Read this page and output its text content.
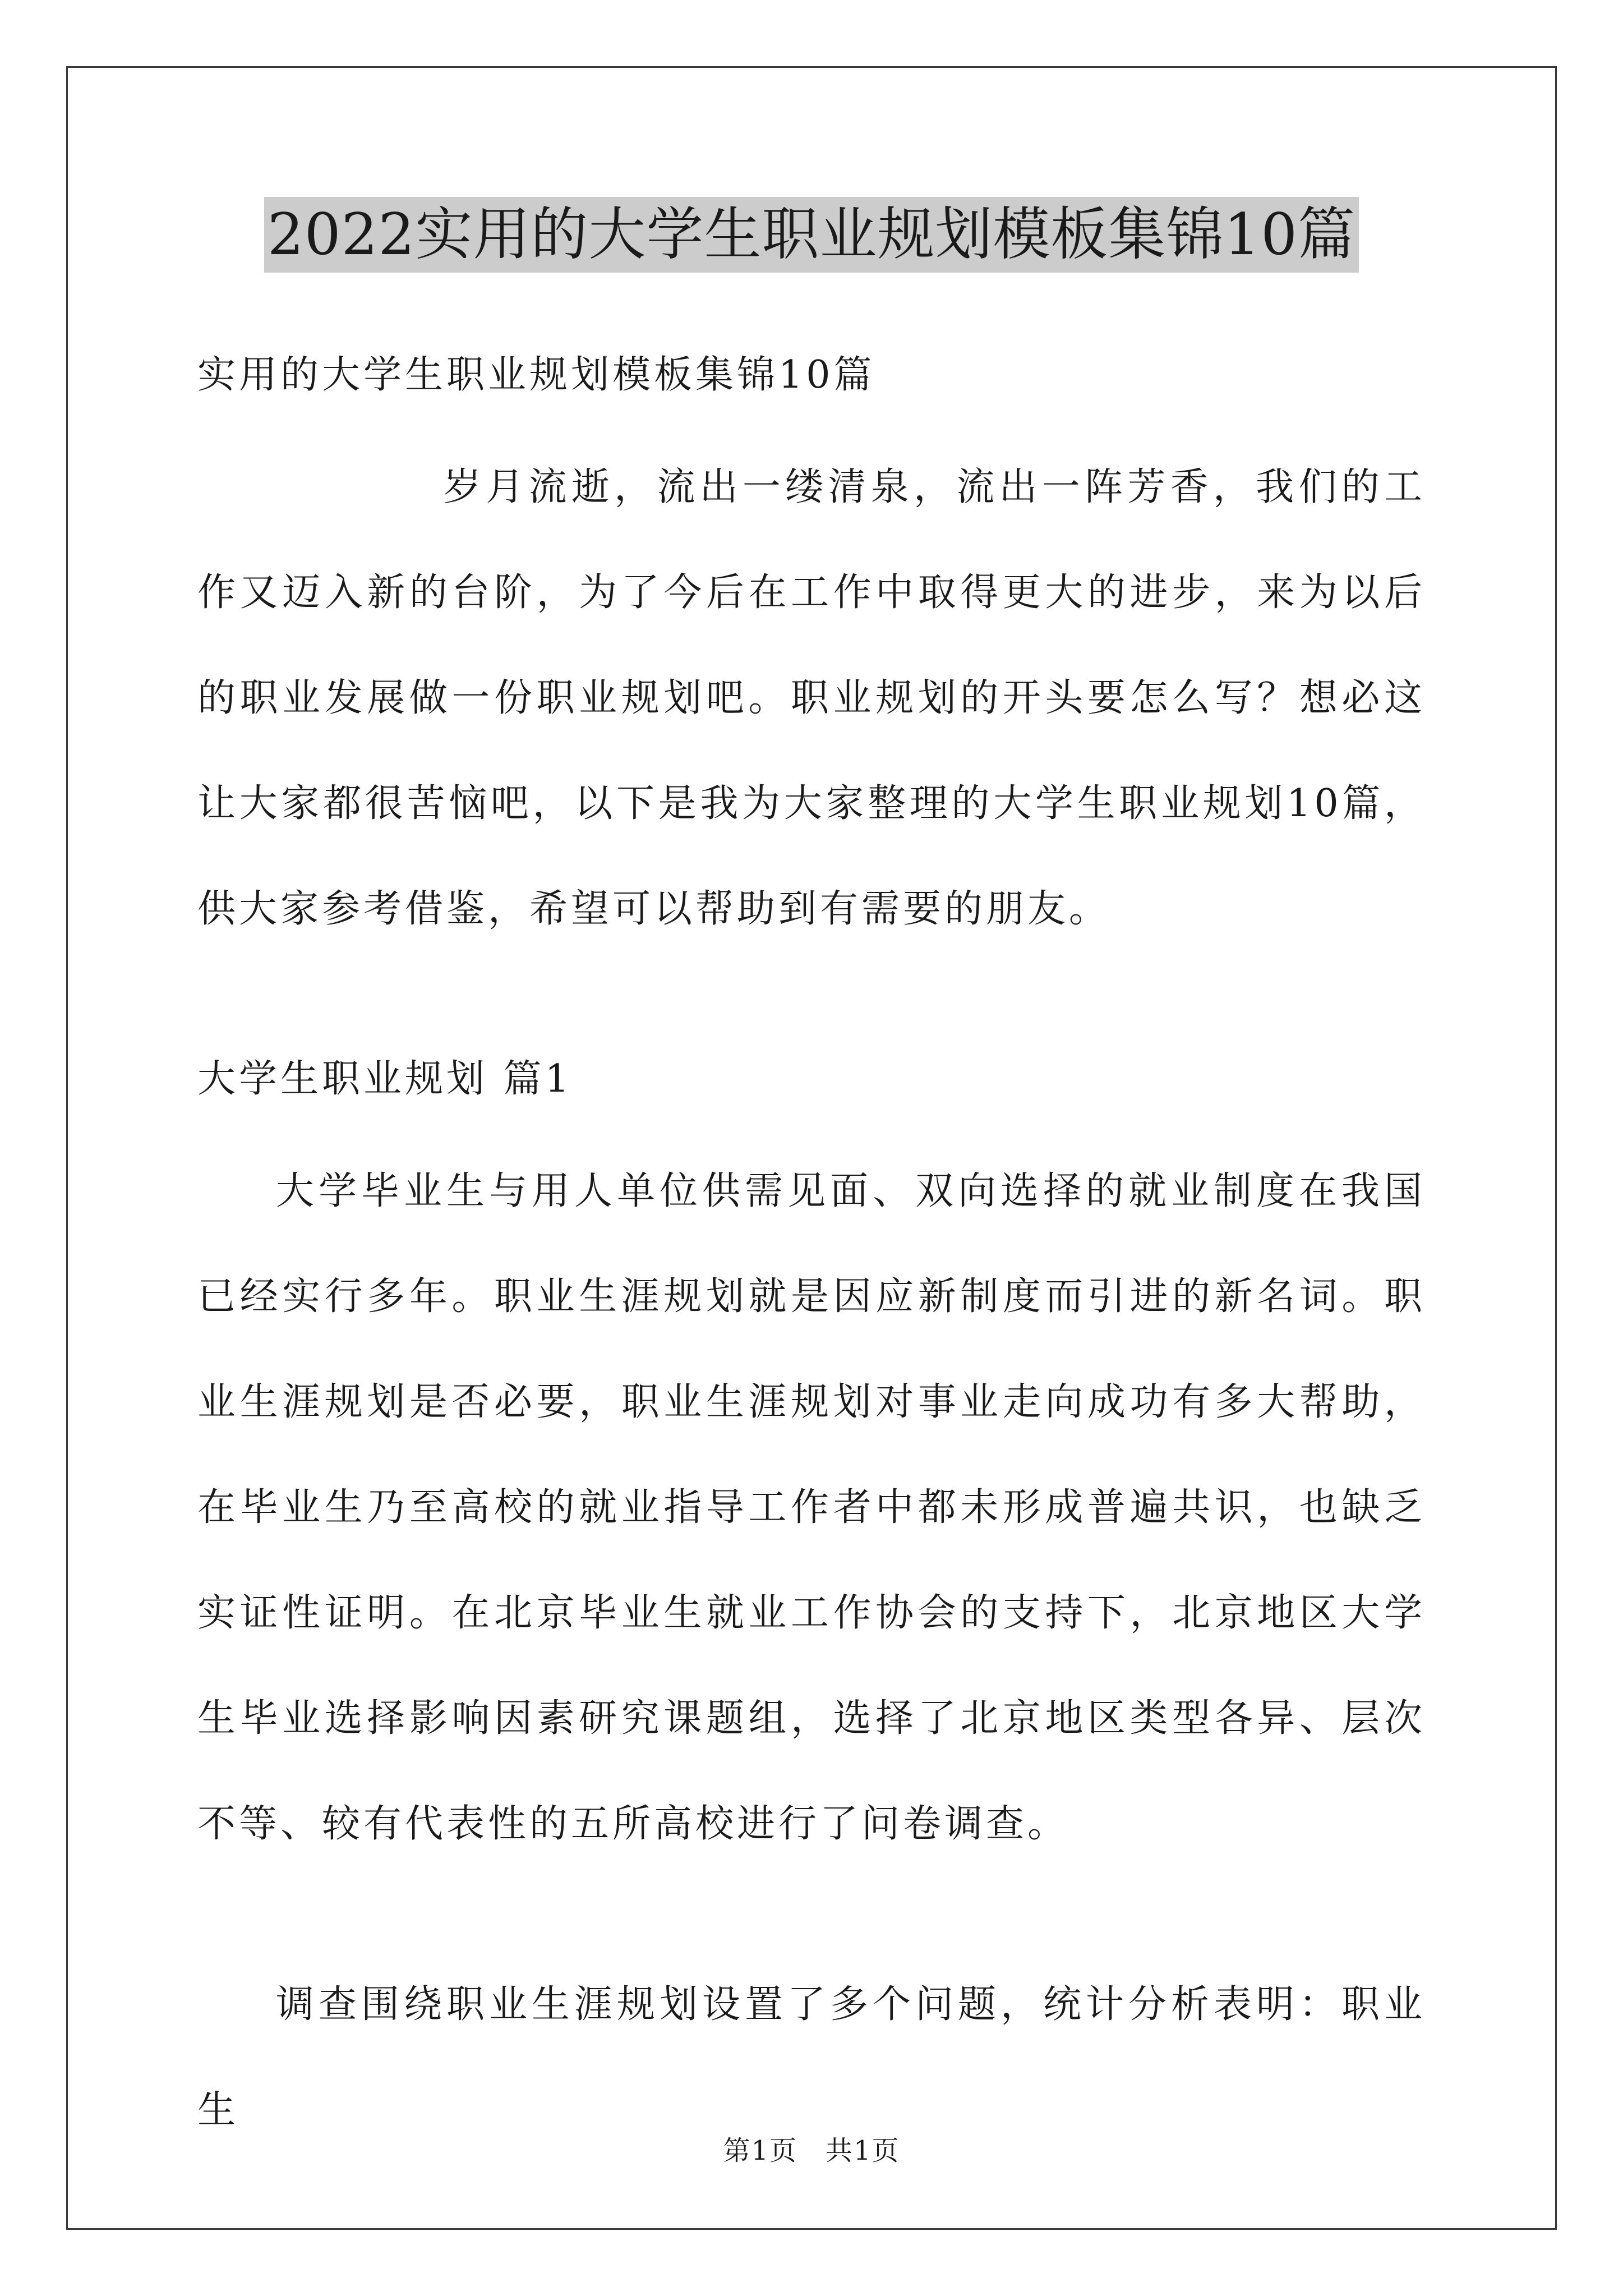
2022实用的大学生职业规划模板集锦10篇
实用的大学生职业规划模板集锦10篇
岁月流逝，流出一缕清泉，流出一阵芳香，我们的工作又迈入新的台阶，为了今后在工作中取得更大的进步，来为以后的职业发展做一份职业规划吧。职业规划的开头要怎么写？想必这让大家都很苦恼吧，以下是我为大家整理的大学生职业规划10篇，供大家参考借鉴，希望可以帮助到有需要的朋友。
大学生职业规划 篇1
大学毕业生与用人单位供需见面、双向选择的就业制度在我国已经实行多年。职业生涯规划就是因应新制度而引进的新名词。职业生涯规划是否必要，职业生涯规划对事业走向成功有多大帮助，在毕业生乃至高校的就业指导工作者中都未形成普遍共识，也缺乏实证性证明。在北京毕业生就业工作协会的支持下，北京地区大学生毕业选择影响因素研究课题组，选择了北京地区类型各异、层次不等、较有代表性的五所高校进行了问卷调查。
调查围绕职业生涯规划设置了多个问题，统计分析表明：职业生
第1页　共1页
